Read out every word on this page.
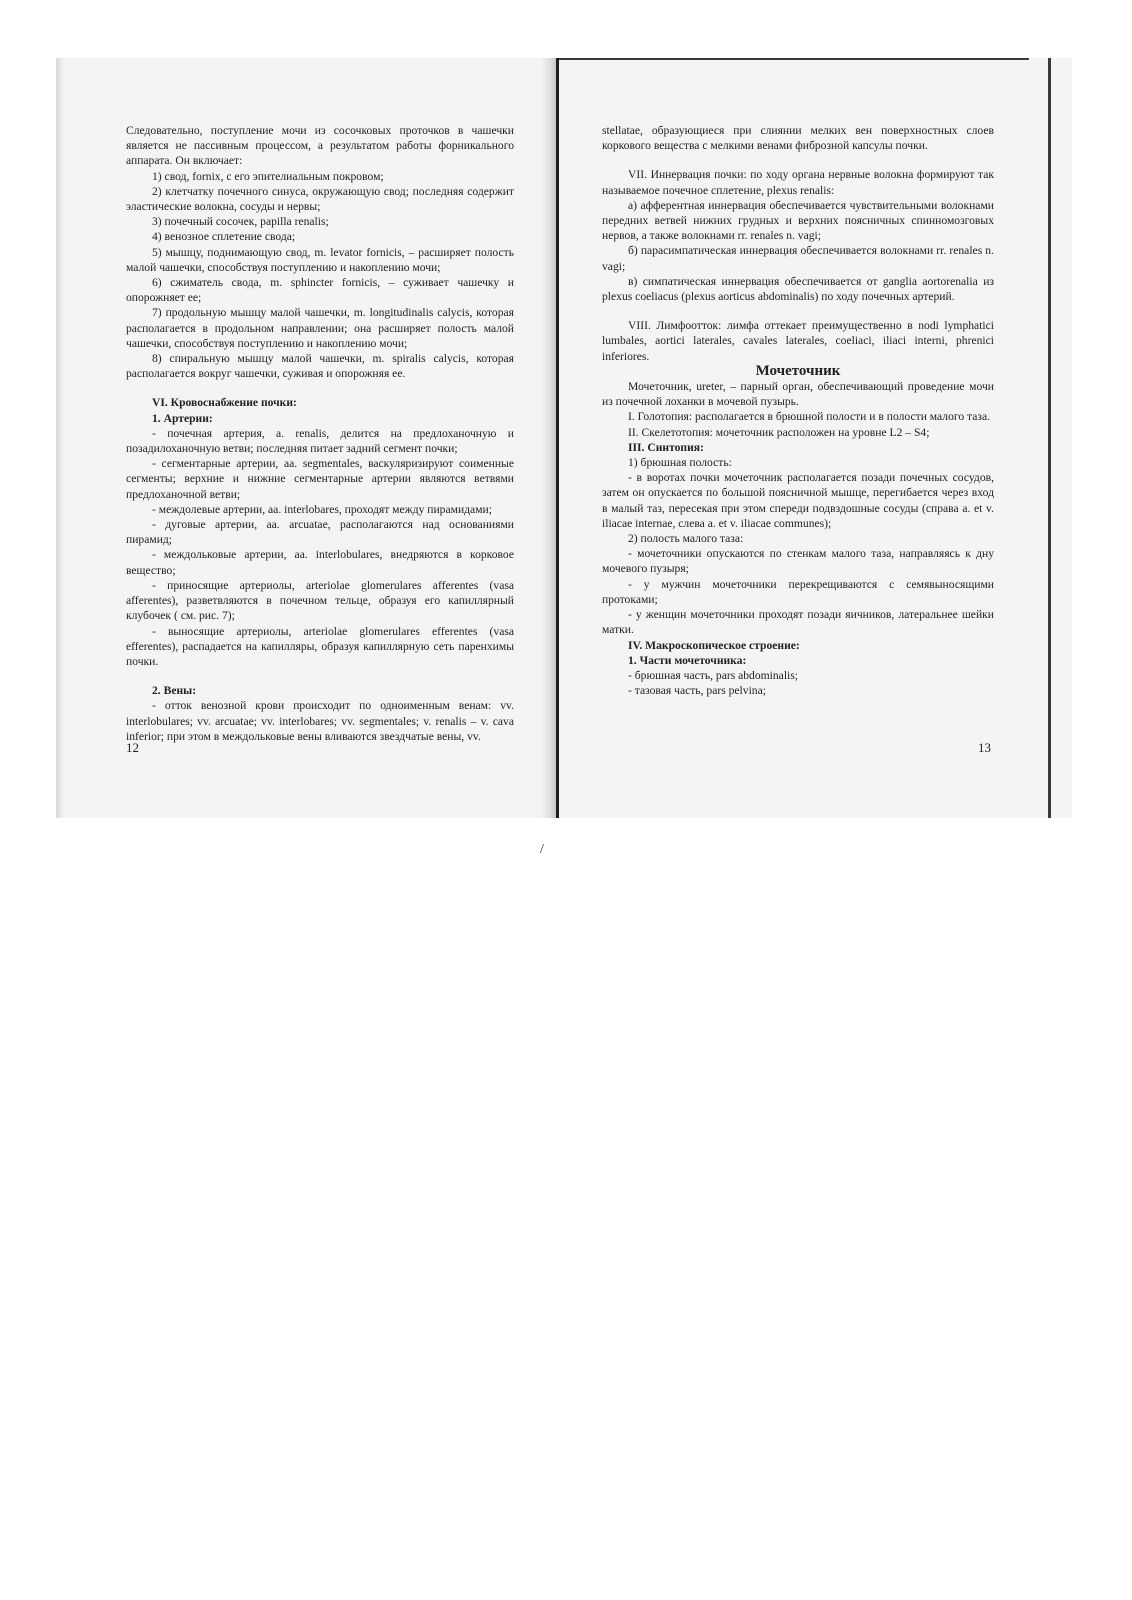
/

Следовательно, поступление мочи из сосочковых проточков в чашечки является не пассивным процессом, а результатом работы форникального аппарата. Он включает:

1) свод, fornix, с его эпителиальным покровом;

2) клетчатку почечного синуса, окружающую свод; последняя содержит эластические волокна, сосуды и нервы;

3) почечный сосочек, papilla renalis;

4) венозное сплетение свода;

5) мышцу, поднимающую свод, m. levator fornicis, – расширяет полость малой чашечки, способствуя поступлению и накоплению мочи;

6) сжиматель свода, m. sphincter fornicis, – суживает чашечку и опорожняет ее;

7) продольную мышцу малой чашечки, m. longitudinalis calycis, которая располагается в продольном направлении; она расширяет полость малой чашечки, способствуя поступлению и накоплению мочи;

8) спиральную мышцу малой чашечки, m. spiralis calycis, которая располагается вокруг чашечки, суживая и опорожняя ее.

VI. Кровоснабжение почки:

1. Артерии:

- почечная артерия, a. renalis, делится на предлоханочную и позадилоханочную ветви; последняя питает задний сегмент почки;

- сегментарные артерии, aa. segmentales, васкуляризируют соименные сегменты; верхние и нижние сегментарные артерии являются ветвями предлоханочной ветви;

- междолевые артерии, aa. interlobares, проходят между пирамидами;

- дуговые артерии, aa. arcuatae, располагаются над основаниями пирамид;

- междольковые артерии, aa. interlobulares, внедряются в корковое вещество;

- приносящие артериолы, arteriolae glomerulares afferentes (vasa afferentes), разветвляются в почечном тельце, образуя его капиллярный клубочек ( см. рис. 7);

- выносящие артериолы, arteriolae glomerulares efferentes (vasa efferentes), распадается на капилляры, образуя капиллярную сеть паренхимы почки.

2. Вены:

- отток венозной крови происходит по одноименным венам: vv. interlobulares; vv. arcuatae; vv. interlobares; vv. segmentales; v. renalis – v. cava inferior; при этом в междольковые вены вливаются звездчатые вены, vv.

12

stellatae, образующиеся при слиянии мелких вен поверхностных слоев коркового вещества с мелкими венами фиброзной капсулы почки.

VII. Иннервация почки: по ходу органа нервные волокна формируют так называемое почечное сплетение, plexus renalis:

а) афферентная иннервация обеспечивается чувствительными волокнами передних ветвей нижних грудных и верхних поясничных спинномозговых нервов, а также волокнами rr. renales n. vagi;

б) парасимпатическая иннервация обеспечивается волокнами rr. renales n. vagi;

в) симпатическая иннервация обеспечивается от ganglia aortorenalia из plexus coeliacus (plexus aorticus abdominalis) по ходу почечных артерий.

VIII. Лимфоотток: лимфа оттекает преимущественно в nodi lymphatici lumbales, aortici laterales, cavales laterales, coeliaci, iliaci interni, phrenici inferiores.

Мочеточник

Мочеточник, ureter, – парный орган, обеспечивающий проведение мочи из почечной лоханки в мочевой пузырь.

I. Голотопия: располагается в брюшной полости и в полости малого таза.

II. Скелетотопия: мочеточник расположен на уровне L2 – S4;

III. Синтопия:

1) брюшная полость:

- в воротах почки мочеточник располагается позади почечных сосудов, затем он опускается по большой поясничной мышце, перегибается через вход в малый таз, пересекая при этом спереди подвздошные сосуды (справа a. et v. iliacae internae, слева a. et v. iliacae communes);

2) полость малого таза:

- мочеточники опускаются по стенкам малого таза, направляясь к дну мочевого пузыря;

- у мужчин мочеточники перекрещиваются с семявыносящими протоками;

- у женщин мочеточники проходят позади яичников, латеральнее шейки матки.

IV. Макроскопическое строение:

1. Части мочеточника:

- брюшная часть, pars abdominalis;

- тазовая часть, pars pelvina;

13
